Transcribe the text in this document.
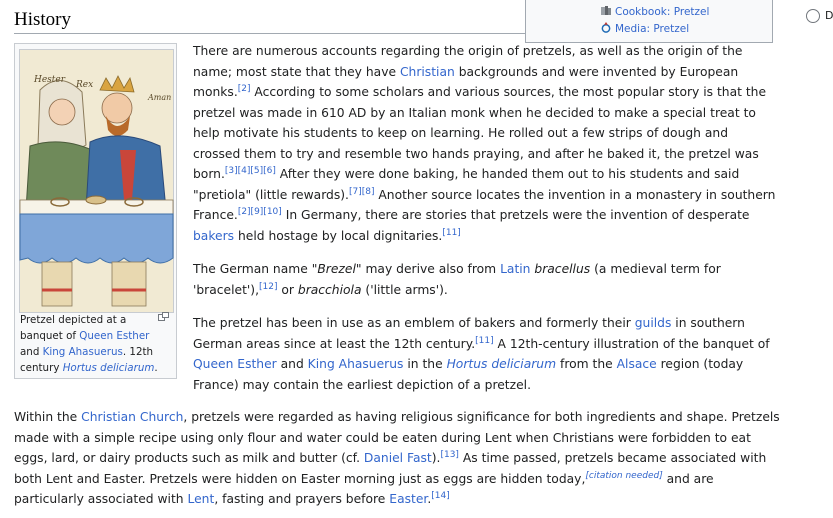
History	Cookbook: Pretzel
Media: Pretzel
D
Hester Rex
Aman
Pretzel depicted at a banquet of Queen Esther and King Ahasuerus. 12th century Hortus deliciarum.
There are numerous accounts regarding the origin of pretzels, as well as the origin of the name; most state that they have Christian backgrounds and were invented by European monks.[2] According to some scholars and various sources, the most popular story is that the pretzel was made in 610 AD by an Italian monk when he decided to make a special treat to help motivate his students to keep on learning. He rolled out a few strips of dough and crossed them to try and resemble two hands praying, and after he baked it, the pretzel was born.[3][4][5][6] After they were done baking, he handed them out to his students and said "pretiola" (little rewards).[7][8] Another source locates the invention in a monastery in southern France.[2][9][10] In Germany, there are stories that pretzels were the invention of desperate bakers held hostage by local dignitaries.[11]
The German name "Brezel" may derive also from Latin bracellus (a medieval term for 'bracelet'),[12] or bracchiola ('little arms').
The pretzel has been in use as an emblem of bakers and formerly their guilds in southern German areas since at least the 12th century.[11] A 12th-century illustration of the banquet of Queen Esther and King Ahasuerus in the Hortus deliciarum from the Alsace region (today France) may contain the earliest depiction of a pretzel.
Within the Christian Church, pretzels were regarded as having religious significance for both ingredients and shape. Pretzels made with a simple recipe using only flour and water could be eaten during Lent when Christians were forbidden to eat eggs, lard, or dairy products such as milk and butter (cf. Daniel Fast).[13] As time passed, pretzels became associated with both Lent and Easter. Pretzels were hidden on Easter morning just as eggs are hidden today,[citation needed] and are particularly associated with Lent, fasting and prayers before Easter.[14]
